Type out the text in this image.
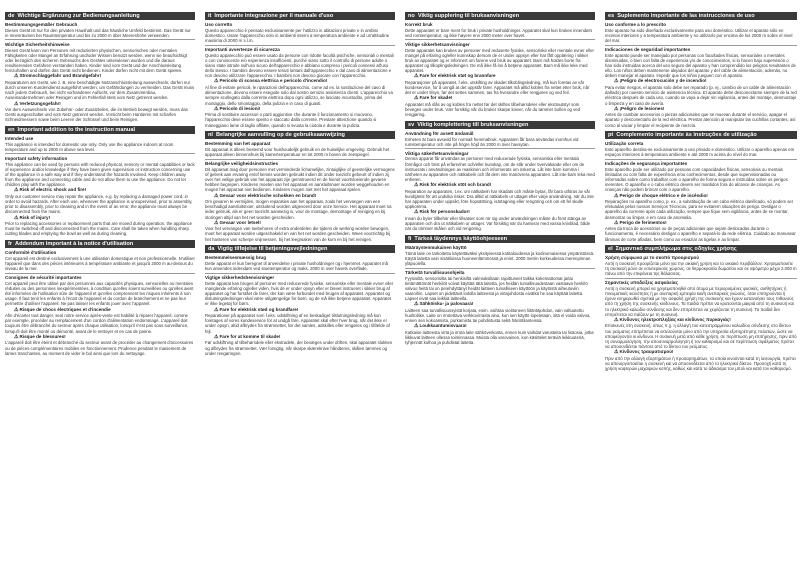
de Wichtige Ergänzung zur Bedienungsanleitung
Bestimmungsgemäßer Gebrauch
Dieses Gerät ist nur für den privaten Haushalt und das häusliche Umfeld bestimmt. Das Gerät nur in Innenräumen bei Raumtemperatur und bis zu 2000 m über Meereshöhe verwenden.
Wichtige Sicherheitshinweise
Dieses Gerät kann von Personen mit reduzierten physischen, sensorischen oder mentalen Fähigkeiten oder Mangel an Erfahrung und/oder Wissen benutzt werden, wenn sie beaufsichtigt oder bezüglich des sicheren Gebrauchs des Gerätes unterwiesen wurden und die daraus resultierenden Gefahren verstanden haben. Kinder sind vom Gerät und der Anschlussleitung fernzuhalten und dürfen das Gerät nicht bedienen. Kinder dürfen nicht mit dem Gerät spielen.
⚠Stromschlaggefahr und Brandgefahr!
Reparaturen am Gerät, wie z. B. eine beschädigte Netzanschlussleitung auswechseln, dürfen nur durch unseren Kundendienst ausgeführt werden, um Gefährdungen zu vermeiden. Das Gerät muss nach jedem Gebrauch, bei nicht vorhandener Aufsicht, vor dem Zusammenbau, Auseinandernehmen oder Reinigen und im Fehlerfall stets vom Netz getrennt werden.
⚠Verletzungsgefahr!
Vor dem Auswechseln von Zubehör- oder Zusatzteilen, die im Betrieb bewegt werden, muss das Gerät ausgeschaltet und vom Netz getrennt werden. Vorsicht beim Hantieren mit scharfen Schneidmessern sowie beim Leeren der Schüssel und beim Reinigen.
en Important addition to the instruction manual
Intended use
This appliance is intended for domestic use only. Only use the appliance indoors at room temperature and up to 2000 m above sea level.
Important safety information
This appliance can be used by persons with reduced physical, sensory or mental capabilities or lack of experience and/or knowledge if they have been given supervision or instruction concerning use of the appliance in a safe way and if they understand the hazards involved. Keep children away from the appliance and connecting cable and do not allow them to use the appliance. Do not let children play with the appliance.
⚠Risk of electric shock and fire!
Only our customer service may repair the appliance, e.g. by replacing a damaged power cord, in order to avoid hazards. After each use, whenever the appliance is unsupervised, prior to assembly, prior to disassembly, prior to cleaning and in the event of an error, the appliance must always be disconnected from the mains.
⚠Risk of injury!
Prior to replacing accessories or replacement parts that are moved during operation, the appliance must be switched off and disconnected from the mains. Care shall be taken when handling sharp cutting blades and emptying the bowl as well as during cleaning.
fr Addendum important à la notice d'utilisation
Conformité d'utilisation
Cet appareil est destiné exclusivement à une utilisation domestique et non professionnelle. N'utiliser l'appareil que dans des pièces intérieures à température ambiante et jusqu'à 2000 m au-dessus du niveau de la mer.
Consignes de sécurité importantes
Cet appareil peut être utilisé par des personnes aux capacités physiques, sensorielles ou mentales réduites ou des personnes inexpérimentées, à condition qu'elles soient surveillées ou qu'elles aient été informées de l'utilisation sûre de l'appareil et qu'elles comprennent les risques inhérents à son usage. Il faut tenir les enfants à l'écart de l'appareil et du cordon de branchement et ne pas leur permettre d'utiliser l'appareil. Ne pas laisser les enfants jouer avec l'appareil.
⚠Risque de chocs électriques et d'incendie
Afin d'écarter tout danger, seul notre service après-vente est habilité à réparer l'appareil, comme par exemple, procéder au remplacement d'un cordon d'alimentation endommagé. L'appareil doit toujours être débranché du secteur après chaque utilisation, lorsqu'il n'est pas sous surveillance, lorsqu'il doit être monté ou démonté, avant de le nettoyer et en cas de panne.
⚠Risque de blessures!
L'appareil doit être éteint et débranché du secteur avant de procéder au changement d'accessoires ou de pièces complémentaires mobiles en fonctionnement. Prudence pendant le maniement de lames tranchantes, au moment de vider le bol ainsi que lors du nettoyage.
it Importante integrazione per il manuale d'uso
Uso corretto
Questo apparecchio è pensato esclusivamente per l'utilizzo in abitazioni private e in ambito domestico. Usare l'apparecchio solo in ambienti interni a temperatura ambiente e ad un'altitudine massima di 2000 m s.l.m.
Importanti avvertenze di sicurezza
Questo apparecchio può essere usato da persone con ridotte facoltà psichiche, sensoriali o mentali o con conoscenze e/o esperienza insufficienti, purché siano sotto il controllo di persone adulte o siano state istruite sull'uso sicuro dell'apparecchio e abbiano compreso i pericoli connessi all'uso dello stesso. I bambini devono essere tenuti lontani dall'apparecchio e dal cavo di alimentazione e non devono utilizzare l'apparecchio. I bambini non devono giocare con l'apparecchio.
⚠Pericolo di scossa elettrica e pericolo d'incendio!
Al fine di evitare pericoli, le riparazioni dell'apparecchio, come ad es. la sostituzione del cavo di alimentazione, devono essere eseguite solo dal nostro servizio assistenza clienti. L'apparecchio va sempre scollegato dalla corrente elettrica dopo ogni utilizzo, se lasciato incustodito, prima del montaggio, dello smontaggio, della pulizia e in caso di guasti.
⚠Pericolo di lesioni!
Prima di sostituire accessori o parti aggiuntive che durante il funzionamento si muovono, l'apparecchio deve essere spento e staccato dalla corrente. Prestare attenzione quando si maneggiano lame di taglio affilate, quando si svuota la ciotola e durante la pulizia.
nl Belangrijke aanvulling op de gebruiksaanwijzing
Bestemming van het apparaat
Dit apparaat is alleen bestemd voor huishoudelijk gebruik en de huiselijke omgeving. Gebruik het apparaat alleen binnenshuis bij kamertemperatuur en tot 2000 m boven de zeespiegel.
Belangrijke veiligheidsinstructies
Dit apparaat mag door personen met verminderde lichamelijke, zintuiglijke of geestelijke vermogens of gebrek aan ervaring en/of kennis worden gebruikt indien dit onder toezicht gebeurt of indien zij over het veilige gebruik van het apparaat zijn geïnstrueerd en de hieruit voortvloeiende gevaren hebben begrepen. Kinderen moeten van het apparaat en aansluitsnoer worden weggehouden en mogen het apparaat niet bedienen. Kinderen mogen niet met het apparaat spelen.
⚠Gevaar voor elektrische schokken en brand!
Om gevaren te vermijden, mogen reparaties aan het apparaat, zoals het vervangen van een beschadigd aansluitsnoer, uitsluitend worden uitgevoerd door onze Service. Het apparaat moet na ieder gebruik, als er geen toezicht aanwezig is, voor de montage, demontage of reiniging en bij storingen altijd van het net worden gescheiden.
⚠Gevaar voor letsel!
Voor het vervangen van toebehoren of extra onderdelen die tijdens de werking worden bewogen, moet het apparaat worden uitgeschakeld en van het net worden gescheiden. Wees voorzichtig bij het hanteren van scherpe snijmessen, bij het leegmaken van de kom en bij het reinigen.
da Vigtig tilføjelse til betjeningsvejledningen
Bestemmelsesmæssig brug
Dette apparat er kun beregnet til anvendelse i private husholdninger og i hjemmet. Apparatet må kun anvendes indendørs ved stuetemperatur og maks. 2000 m over havets overflade.
Vigtige sikkerhedshenvisninger
Dette apparat kan bruges af personer med reducerede fysiske, sensoriske eller mentale evner eller manglende erfaring og/eller viden, hvis de er under opsyn eller er blevet instrueret i sikker brug af apparatet og har forstået de farer, der kan være forbundet med brugen af apparatet. Apparatet og tilslutningsledningen skal være utilgængelige for børn, og de må ikke betjene apparatet. Apparatet er ikke legetøj for børn.
⚠Fare for elektrisk stød og brandfare!
Reparationer på apparatet som f.eks. udskiftning af en beskadiget tilslutningsledning må kun foretages af vores kundeservice for at undgå fare. Apparatet skal efter hver brug, når det ikke er under opsyn, altid afbrydes fra strømnettet, før det samles, adskilles eller rengøres og i tilfælde af fejl.
⚠Fare for at komme til skade!
Før udskiftning af tilbehørsdele eller ekstradele, der bevæges under driften, skal apparatet slukkes og afbrydes fra strømnettet. Vær forsigtig, når skarpe skæreknive håndteres, skålen tømmes og under rengøringen.
no Viktig supplering til bruksanvisningen
Korrekt bruk
Dette apparatet er bare ment for bruk i private husholdninger. Apparatet skal kun brukes innendørs ved romtemperatur, og ikke høyere enn 2000 meter over havet.
Viktige sikkerhetsanvisninger
Dette apparatet kan brukes av personer med reduserte fysiske, sensoriske eller mentale evner eller mangel på erfaring og/eller kunnskap dersom de er under oppsyn eller har fått opplæring i sikker bruk av apparatet og er informert om farene ved bruk av apparatet. Barn må holdes borte fra apparatet og tilkoplingsledningen. De må ikke få lov å betjene apparatet. Barn må ikke leke med apparatet.
⚠Fare for elektrisk støt og brannfare
Reparasjoner på apparatet, f.eks. utskifting av skadet tilkoblingsledning, må kun foretas av vår kundeservice, for å unngå at det oppstår farer. Apparatet må alltid kobles fra nettet etter bruk, når det er under tilsyn, før det settes sammen, tas fra hverandre eller rengjøres og ved feil.
⚠Fare for skade!
Apparatet må slås av og kobles fra nettet før det skiftes tilbehørsdeler eller ekstrautstyr som beveges under bruk. Vær forsiktig når du bruker skarpe kniver, når du tømmer bollen og ved rengjøring.
sv Viktig komplettering till bruksanvisningen
Användning för avsett ändamål
Enheten är bara avsedd för normalt hemmabruk. Apparaten får bara användas inomhus vid rumstemperatur och inte på högre höjd än 2000 m över havsytan.
Viktiga säkerhetsanvisningar
Denna apparat får användas av personer med reducerade fysiska, sensoriska eller mentala förmågor och brist på erfarenhet och/eller kunskap, om de står under övervakande eller om de instruerats i användningen av maskinen och informerats om riskerna. Låt inte barn komma i närheten av apparaten och nätkabeln och låt dem inte manövrera apparaten. Låt inte barn leka med enheten.
⚠Risk för elektrisk stöt och brand!
Reparation av apparaten, t.ex. om nätkabeln har skadats och måste bytas, får bara utföras av vår kundtjänst för att undvika risker. Dra alltid ut nätkabeln ur uttaget efter varje användning, när du inte har apparaten under uppsikt, före hopsättning, isärtagning eller rengöring och om ett fel skulle uppkomma.
⚠Risk för personskador!
Innan du byter tillbehör eller tillsatser som rör sig under användningen måste du först stänga av apparaten och dra ut nätkabeln ur uttaget. Var försiktig när du hanterar med vassa knivblad, både när du tömmer skålen och vid rengöring.
fi Tärkeä täydennys käyttöohjeeseen
Määräystenmukainen käyttö
Tämä laite on tarkoitettu käytettäväksi yksityisessä kotitaloudessa ja kodinomaisessa ympäristössä. Käytä laitetta vain sisätiloissa huoneenlämmössä ja enint. 2000 metrin korkeudessa merenpinnan yläpuolella.
Tärkeitä turvallisuusohjeita
Fyysisiltä, sensorisilta tai henkisiltä valmiuksiltaan rajoittuneet taikka kokemattomat ja/tai tietämättömät henkilöt voivat käyttää tätä laitetta, jos heidän turvallisuudestaan vastaava henkilö valvoo heitä tai on perehdyttänyt heidät laitteen turvalliseen käyttöön ja käytöstä aiheutuviin vaaroihin. Lapset on pidettävä loitolla laitteesta ja virtajohdosta eivätkä he saa käyttää laitetta. Lapset eivät saa leikkiä laitteella.
⚠Sähköisku- ja palovaara!
Laitteen saa turvallisuussyistä korjata, esim. vaihtaa vioittuneen liitäntäjohdon, vain valtuutettu huoltoliike. Laite on irrotettava verkkovirrasta aina, kun sen käyttö lopetetaan, sitä ei voida valvoa, ennen sen kokoamista, purkamista tai puhdistusta sekä häiriötilanteissa.
⚠Loukkaantumisvaara!
Katkaise laitteesta virta ja irrota laite sähköverkosta, ennen kuin vaihdat varusteita tai lisäosia, jotka liikkuvat laitteen ollessa toiminnassa. Muista olla varovainen, kun käsittelet teräviä leikkuuteriä, tyhjennät kulhoa ja puhdistat laitetta.
es Suplemento importante de las instrucciones de uso
Uso conforme a lo prescrito
Este aparato ha sido diseñado exclusivamente para uso doméstico. Utilizar el aparato sólo en recintos interiores y a temperatura ambiente y no utilizarlo por encima de los 2000 m sobre el nivel del mar.
Indicaciones de seguridad importantes
Este aparato puede ser manejado por personas con facultades físicas, sensoriales o mentales disminuidas, o bien con falta de experiencia y/o de conocimientos, si lo hacen bajo supervisión o han sido instruidas acerca del uso seguro del aparato y han comprendido los peligros resultantes de ello. Los niños deben mantenerse alejados del aparato y del cable de alimentación, además, no deben manejar el aparato. Impedir que los niños jueguen con el aparato.
⚠¡Peligro de electrocución y de incendio!
Para evitar riesgos, el aparato solo debe ser reparado (p. ej., cambio de un cable de alimentación dañado) por nuestro servicio de asistencia técnica. El aparato debe desconectarse siempre de la red eléctrica después de cada uso, cuando se vaya a dejar sin vigilancia, antes del montaje, desmontaje o limpieza y en caso de avería.
⚠¡Peligro de lesiones!
Antes de cambiar accesorios o piezas adicionales que se muevan durante el servicio, apagar el aparato y desconectarlo de la red eléctrica. Prestar atención al manipular las cuchillas cortantes, así como al vaciar y limpiar el recipiente de mezcla.
pt Complemento importante às instruções de utilização
Utilização correta
Este aparelho destina-se exclusivamente a uso privado e doméstico. Utilizar o aparelho apenas em espaços interiores à temperatura ambiente e até 2000 m acima do nível do mar.
Indicações de segurança importantes
Este aparelho pode ser utilizado por pessoas com capacidades físicas, sensoriais ou mentais limitadas ou com falta de experiência e/ou conhecimentos, desde que supervisionadas ou informadas sobre como trabalhar com o aparelho de forma segura e instruídas sobre os perigos inerentes. O aparelho e o cabo elétrico devem ser mantidos fora do alcance de crianças. As crianças não podem brincar com o aparelho.
⚠Perigo de choque elétrico e de incêndio!
Reparações no aparelho como, p. ex., a substituição de um cabo elétrico danificado, só podem ser efetuadas pelos nossos Serviços Técnicos, para se evitarem situações de perigo. Desligar o aparelho da corrente após cada utilização, sempre que fique sem vigilância, antes de se montar, desmontar ou limpar, e em caso de anomalia.
⚠Perigo de ferimentos!
Antes da troca de acessórios ou de peças adicionais que sejam deslocadas durante o funcionamento, é necessário desligar o aparelho e separá-lo da rede elétrica. Cuidado ao manusear lâminas de corte afiadas, bem como ao esvaziar as tigelas e ao limpar.
el Σημαντικό συμπλήρωμα στις οδηγίες χρήσης
Χρήση σύμφωνα με το σκοπό προορισμού
Αυτή η συσκευή προορίζεται μόνο για την οικιακή χρήση και το οικιακό περιβάλλον. Χρησιμοποιείτε τη συσκευή μόνο σε εσωτερικούς χώρους, σε θερμοκρασία δωματίου και σε υψόμετρο μέχρι 2.000 m πάνω από την επιφάνεια της θάλασσας.
Σημαντικές υποδείξεις ασφαλείας
Αυτή η συσκευή μπορεί να χρησιμοποιηθεί από άτομα με περιορισμένες φυσικές, αισθητήριες ή πνευματικές ικανότητες ή με ανεπαρκή εμπειρία και/ή ανεπαρκείς γνώσεις, όταν επιτηρούνται ή έχουν ενημερωθεί σχετικά με την ασφαλή χρήση της συσκευής και έχουν κατανοήσει τους πιθανούς από τη χρήση της συσκευής κινδύνους. Τα παιδιά πρέπει να κρατούνται μακριά από τη συσκευή και το ηλεκτρικό καλώδιο σύνδεσης και δεν επιτρέπεται να χειρίζονται τη συσκευή. Τα παιδιά δεν επιτρέπεται να παίζουν με τη συσκευή.
⚠Κίνδυνος ηλεκτροπληξίας και κίνδυνος πυρκαγιάς!
Επισκευές στη συσκευή, όπως π.χ. η αλλαγή του κατεστραμμένου καλωδίου σύνδεσης στο δίκτυο του ρεύματος επιτρέπεται να εκτελούνται μόνο από την υπηρεσία εξυπηρέτησης πελατών, ώστε να αποφεύγονται οι κίνδυνοι. Η συσκευή μετά από κάθε χρήση, σε περίπτωση μη επιτήρησης, πριν από τη συναρμολόγηση, την αποσυναρμολόγηση ή τον καθαρισμό και σε περίπτωση σφάλματος πρέπει να αποσυνδέεται πάντοτε από το δίκτυο του ρεύματος.
⚠Κίνδυνος τραυματισμού!
Πριν από την αλλαγή εξαρτημάτων ή προσαρτημάτων, τα οποία κινούνται κατά τη λειτουργία, πρέπει να απενεργοποιείται η συσκευή και να αποσυνδέεται από το ηλεκτρικό δίκτυο. Προσοχή κατά τη χρήση κοφτερών μαχαιριών κοπής, καθώς και κατά το άδειασμα του μπολ και κατά τον καθαρισμό.
